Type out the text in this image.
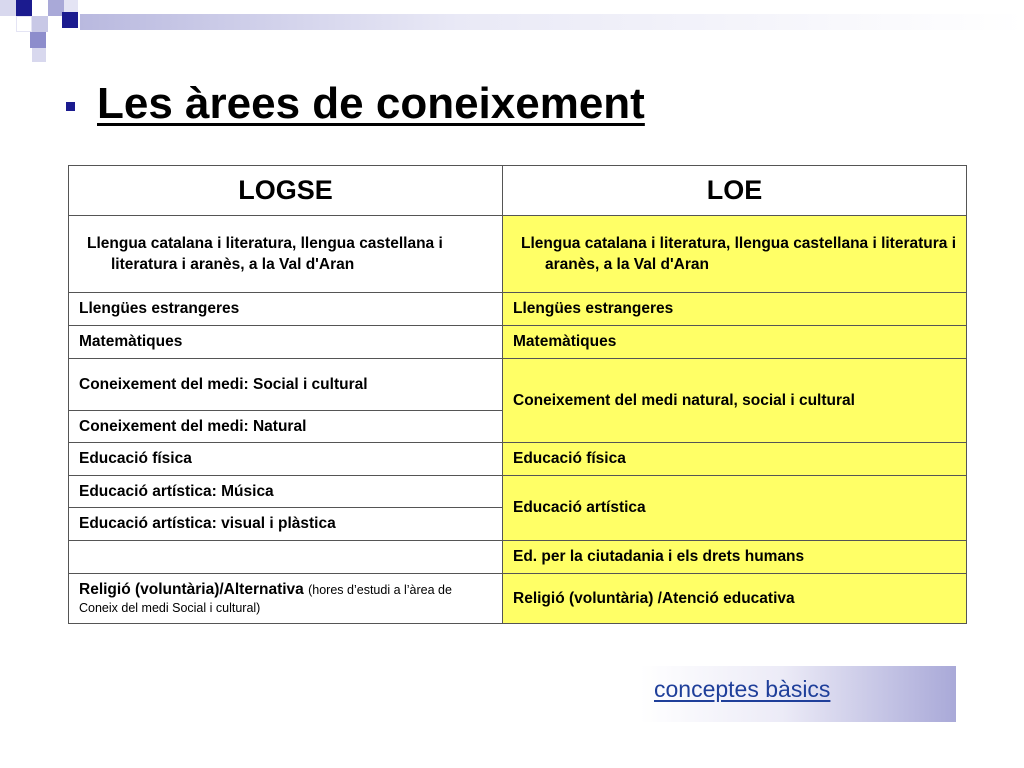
Les àrees de coneixement
LOGSE	LOE

Llengua catalana i literatura, llengua castellana i literatura i aranès, a la Val d'Aran	Llengua catalana i literatura, llengua castellana i literatura i aranès, a la Val d'Aran

Llengües estrangeres	Llengües estrangeres
Matemàtiques	Matemàtiques
Coneixement del medi: Social i cultural	Coneixement del medi natural, social i cultural
Coneixement del medi: Natural	
Educació física	Educació física
Educació artística: Música	Educació artística
Educació artística: visual i plàstica	
	Ed. per la ciutadania i els drets humans
Religió (voluntària)/Alternativa (hores d’estudi a l’àrea de Coneix del medi Social i cultural)	Religió (voluntària) /Atenció educativa
conceptes bàsics
